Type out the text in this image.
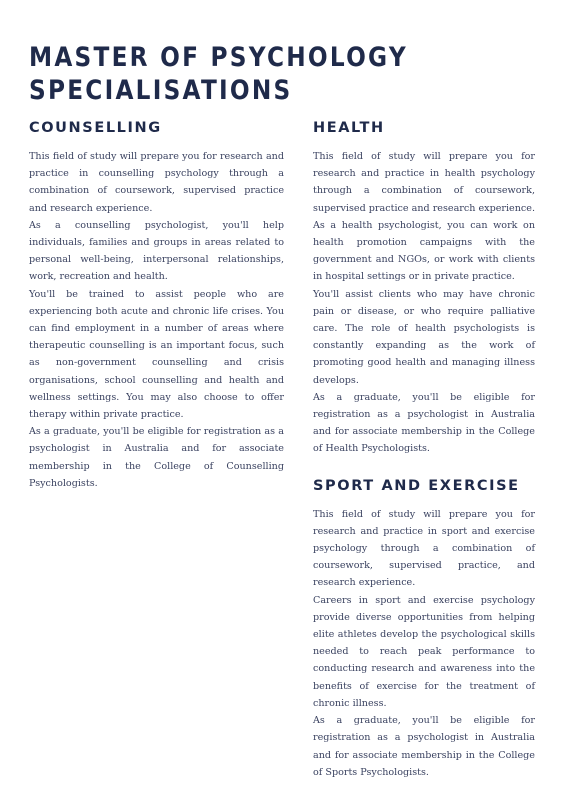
MASTER OF PSYCHOLOGY
SPECIALISATIONS
COUNSELLING

This field of study will prepare you for research and practice in counselling psychology through a combination of coursework, supervised practice and research experience.

As a counselling psychologist, you'll help individuals, families and groups in areas related to personal well-being, interpersonal relationships, work, recreation and health.

You'll be trained to assist people who are experiencing both acute and chronic life crises. You can find employment in a number of areas where therapeutic counselling is an important focus, such as non-government counselling and crisis organisations, school counselling and health and wellness settings. You may also choose to offer therapy within private practice.

As a graduate, you'll be eligible for registration as a psychologist in Australia and for associate membership in the College of Counselling Psychologists.

HEALTH

This field of study will prepare you for research and practice in health psychology through a combination of coursework, supervised practice and research experience.

As a health psychologist, you can work on health promotion campaigns with the government and NGOs, or work with clients in hospital settings or in private practice.

You'll assist clients who may have chronic pain or disease, or who require palliative care. The role of health psychologists is constantly expanding as the work of promoting good health and managing illness develops.

As a graduate, you'll be eligible for registration as a psychologist in Australia and for associate membership in the College of Health Psychologists.

SPORT AND EXERCISE

This field of study will prepare you for research and practice in sport and exercise psychology through a combination of coursework, supervised practice, and research experience.

Careers in sport and exercise psychology provide diverse opportunities from helping elite athletes develop the psychological skills needed to reach peak performance to conducting research and awareness into the benefits of exercise for the treatment of chronic illness.

As a graduate, you'll be eligible for registration as a psychologist in Australia and for associate membership in the College of Sports Psychologists.
